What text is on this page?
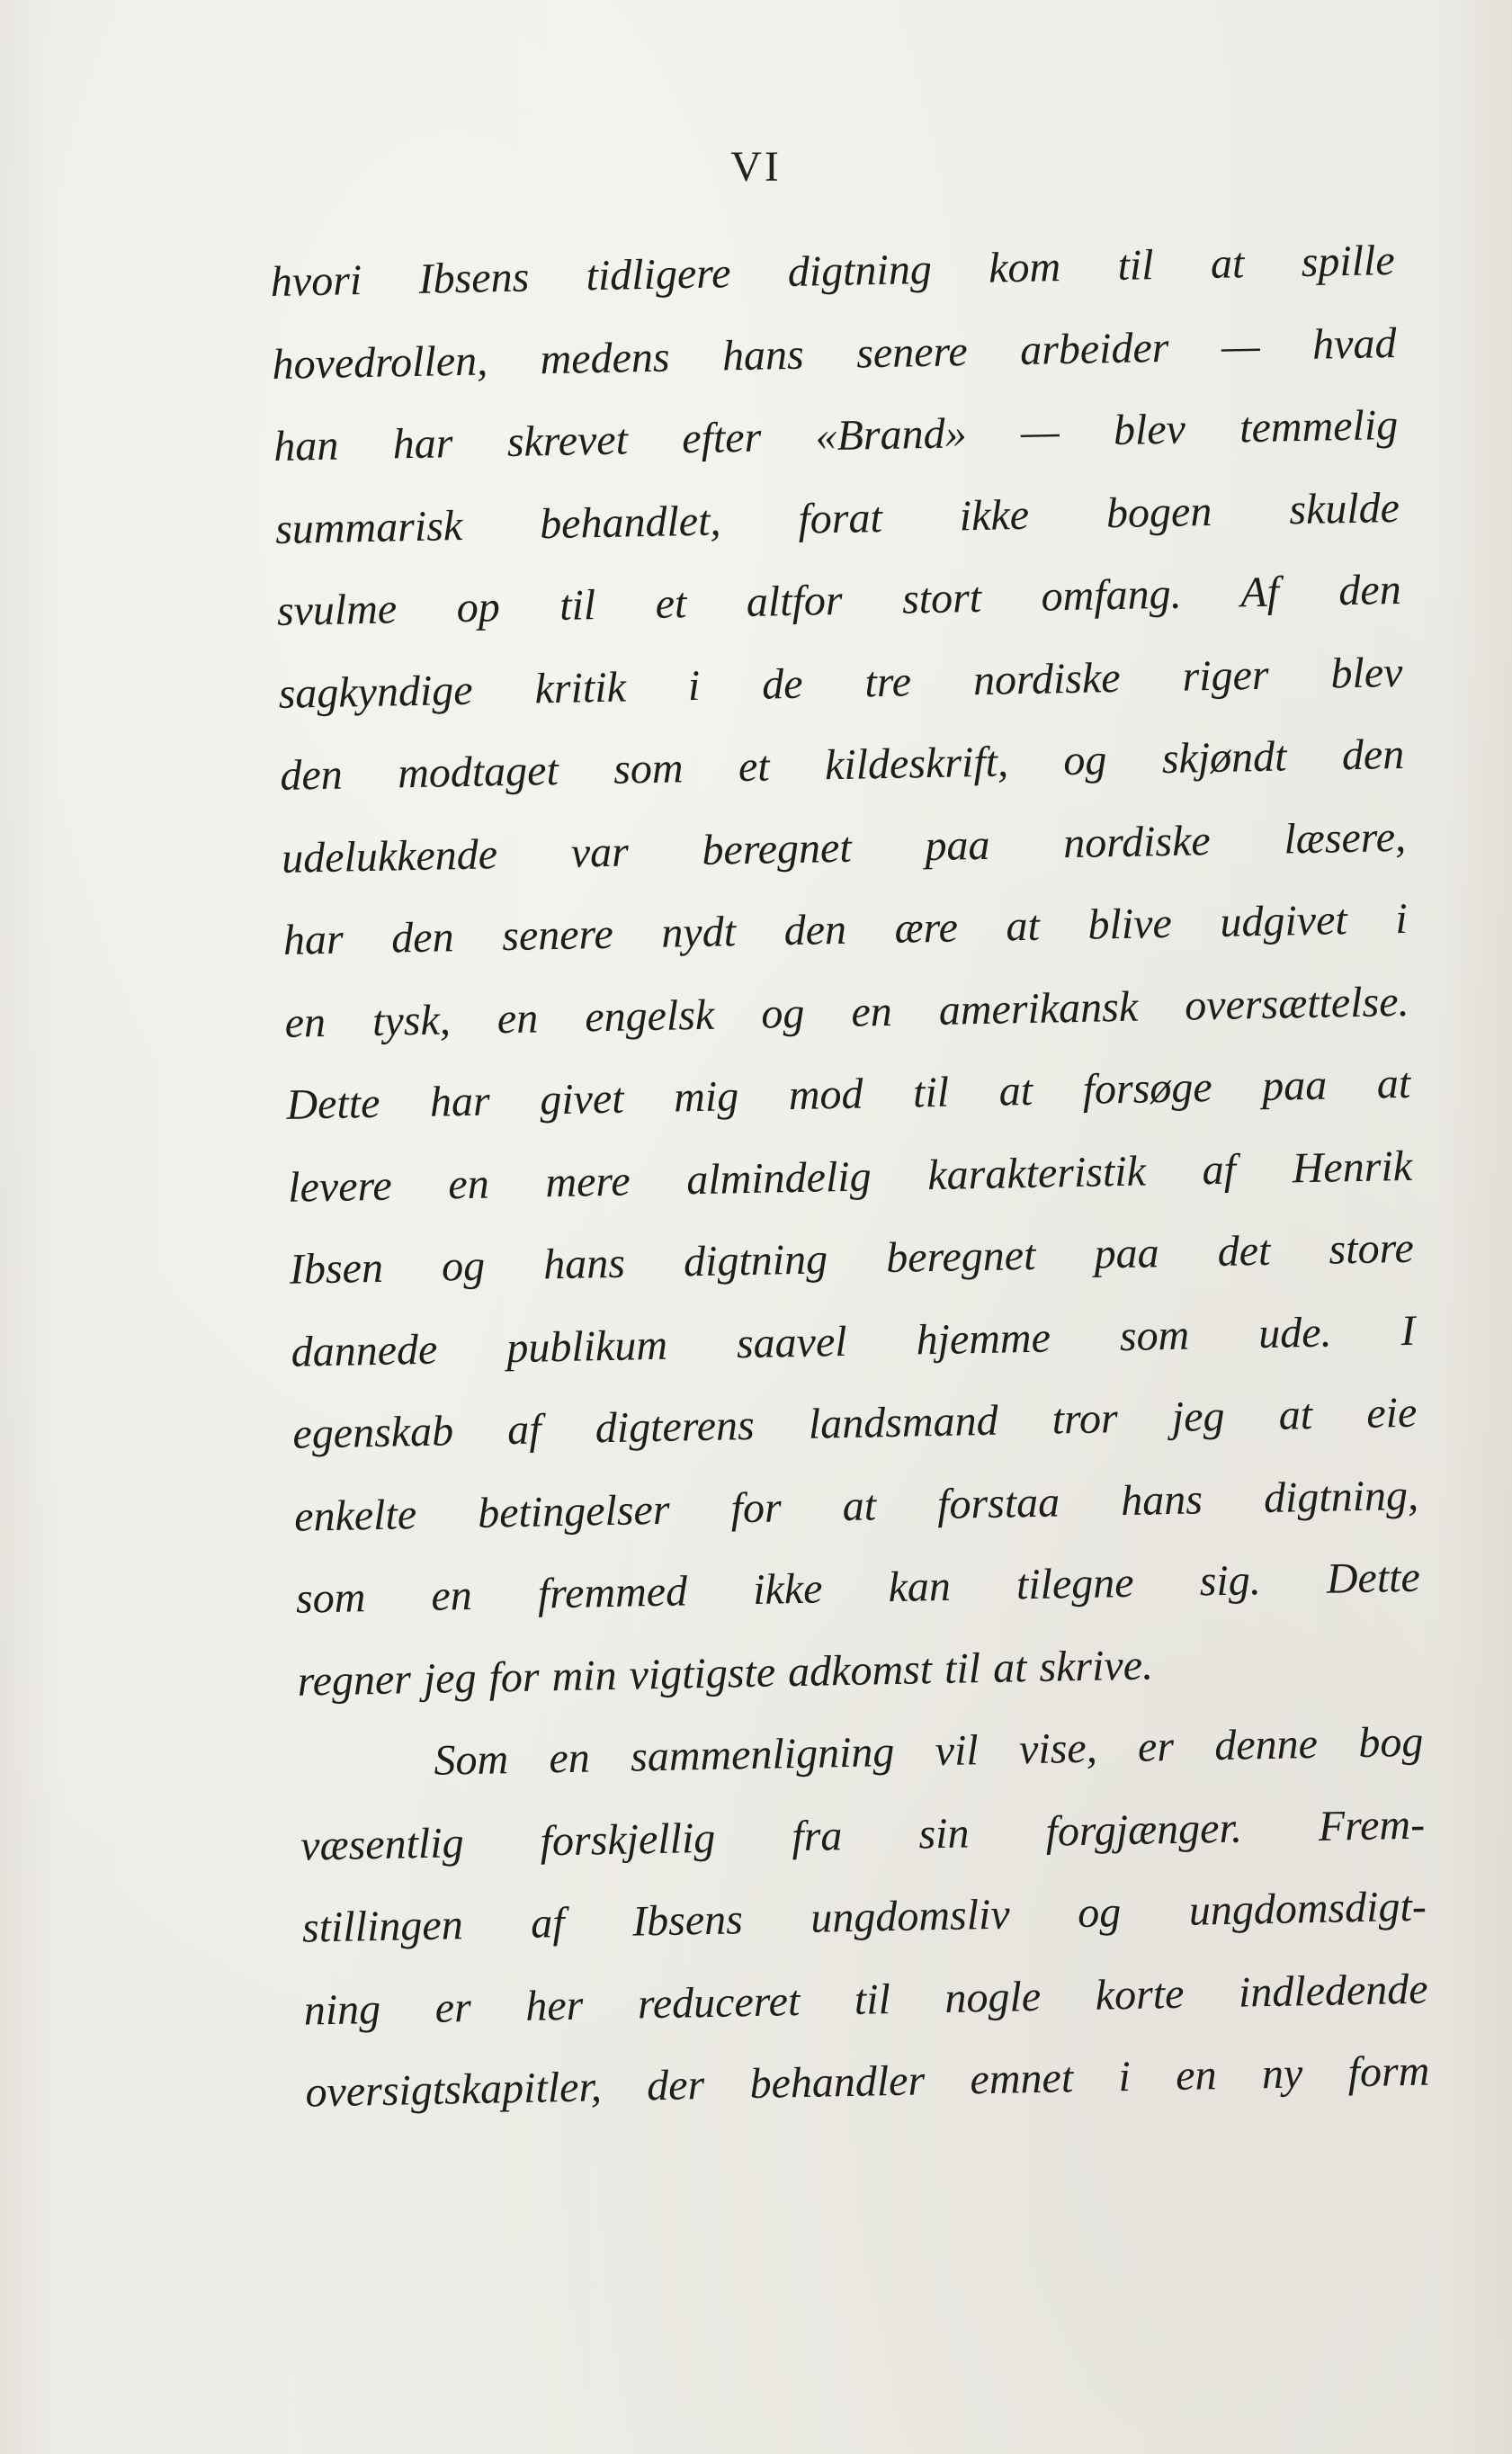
VI
hvori Ibsens tidligere digtning kom til at spille
hovedrollen, medens hans senere arbeider — hvad
han har skrevet efter «Brand» — blev temmelig
summarisk behandlet, forat ikke bogen skulde
svulme op til et altfor stort omfang. Af den
sagkyndige kritik i de tre nordiske riger blev
den modtaget som et kildeskrift, og skjøndt den
udelukkende var beregnet paa nordiske læsere,
har den senere nydt den ære at blive udgivet i
en tysk, en engelsk og en amerikansk oversættelse.
Dette har givet mig mod til at forsøge paa at
levere en mere almindelig karakteristik af Henrik
Ibsen og hans digtning beregnet paa det store
dannede publikum saavel hjemme som ude. I
egenskab af digterens landsmand tror jeg at eie
enkelte betingelser for at forstaa hans digtning,
som en fremmed ikke kan tilegne sig. Dette
regner jeg for min vigtigste adkomst til at skrive.
Som en sammenligning vil vise, er denne bog
væsentlig forskjellig fra sin forgjænger. Frem-
stillingen af Ibsens ungdomsliv og ungdomsdigt-
ning er her reduceret til nogle korte indledende
oversigtskapitler, der behandler emnet i en ny form
